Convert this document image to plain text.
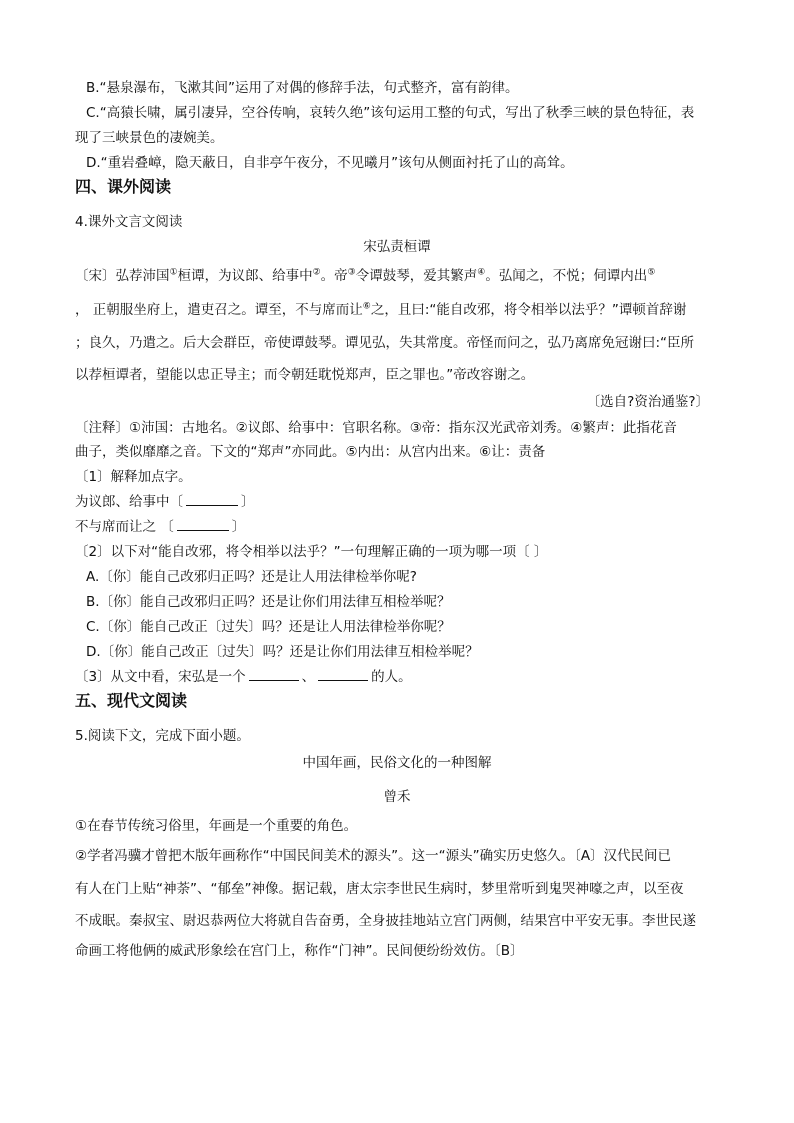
B.“悬泉瀑布，飞漱其间”运用了对偶的修辞手法，句式整齐，富有韵律。
C.“高猿长啸，属引凄异，空谷传响，哀转久绝”该句运用工整的句式，写出了秋季三峡的景色特征，表
现了三峡景色的凄婉美。
D.“重岩叠嶂，隐天蔽日，自非亭午夜分，不见曦月”该句从侧面衬托了山的高耸。
四、课外阅读
4.课外文言文阅读
宋弘责桓谭
〔宋〕弘荐沛国①桓谭，为议郎、给事中②。帝③令谭鼓琴，爱其繁声④。弘闻之，不悦；伺谭内出⑤
， 正朝服坐府上，遣吏召之。谭至，不与席而让⑥之，且曰:“能自改邪，将令相举以法乎？”谭顿首辞谢
；良久，乃遣之。后大会群臣，帝使谭鼓琴。谭见弘，失其常度。帝怪而问之，弘乃离席免冠谢曰:“臣所
以荐桓谭者，望能以忠正导主；而令朝廷耽悦郑声，臣之罪也。”帝改容谢之。
〔选自?资治通鉴?〕
〔注释〕①沛国：古地名。②议郎、给事中：官职名称。③帝：指东汉光武帝刘秀。④繁声：此指花音
曲子，类似靡靡之音。下文的“郑声”亦同此。⑤内出：从宫内出来。⑥让：责备
〔1〕解释加点字。
为议郎、给事中〔	〕
不与席而让之 〔	〕
〔2〕以下对“能自改邪，将令相举以法乎？”一句理解正确的一项为哪一项〔 〕
A.〔你〕能自己改邪归正吗？还是让人用法律检举你呢?
B.〔你〕能自己改邪归正吗？还是让你们用法律互相检举呢？
C.〔你〕能自己改正〔过失〕吗？还是让人用法律检举你呢？
D.〔你〕能自己改正〔过失〕吗？还是让你们用法律互相检举呢？
〔3〕从文中看，宋弘是一个	、	的人。
五、现代文阅读
5.阅读下文，完成下面小题。
中国年画，民俗文化的一种图解
曾禾
①在春节传统习俗里，年画是一个重要的角色。
②学者冯骥才曾把木版年画称作“中国民间美术的源头”。这一“源头”确实历史悠久。〔A〕汉代民间已
有人在门上贴“神荼”、“郁垒”神像。据记载，唐太宗李世民生病时，梦里常听到鬼哭神嚎之声，以至夜
不成眠。秦叔宝、尉迟恭两位大将就自告奋勇，全身披挂地站立宫门两侧，结果宫中平安无事。李世民遂
命画工将他俩的威武形象绘在宫门上，称作“门神”。民间便纷纷效仿。〔B〕
